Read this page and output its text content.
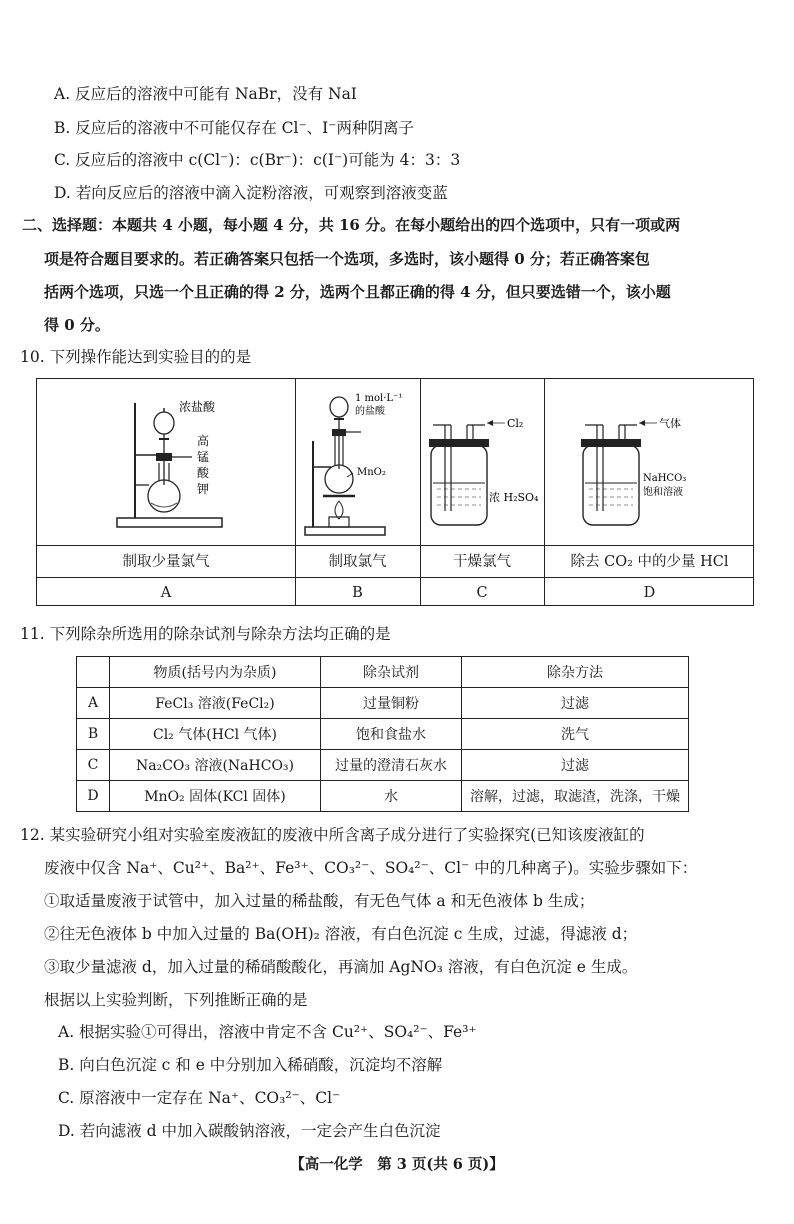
A. 反应后的溶液中可能有 NaBr，没有 NaI
B. 反应后的溶液中不可能仅存在 Cl⁻、I⁻两种阴离子
C. 反应后的溶液中 c(Cl⁻)：c(Br⁻)：c(I⁻)可能为 4：3：3
D. 若向反应后的溶液中滴入淀粉溶液，可观察到溶液变蓝
二、选择题：本题共 4 小题，每小题 4 分，共 16 分。在每小题给出的四个选项中，只有一项或两
项是符合题目要求的。若正确答案只包括一个选项，多选时，该小题得 0 分；若正确答案包
括两个选项，只选一个且正确的得 2 分，选两个且都正确的得 4 分，但只要选错一个，该小题
得 0 分。
10. 下列操作能达到实验目的的是
浓盐酸
高
锰
酸
钾
1 mol·L⁻¹
的盐酸
MnO₂
Cl₂
浓 H₂SO₄
气体
NaHCO₃
饱和溶液
制取少量氯气	制取氯气	干燥氯气	除去 CO₂ 中的少量 HCl
A	B	C	D
11. 下列除杂所选用的除杂试剂与除杂方法均正确的是
	物质(括号内为杂质)	除杂试剂	除杂方法
A	FeCl₃ 溶液(FeCl₂)	过量铜粉	过滤
B	Cl₂ 气体(HCl 气体)	饱和食盐水	洗气
C	Na₂CO₃ 溶液(NaHCO₃)	过量的澄清石灰水	过滤
D	MnO₂ 固体(KCl 固体)	水	溶解，过滤，取滤渣，洗涤，干燥
12. 某实验研究小组对实验室废液缸的废液中所含离子成分进行了实验探究(已知该废液缸的
废液中仅含 Na⁺、Cu²⁺、Ba²⁺、Fe³⁺、CO₃²⁻、SO₄²⁻、Cl⁻ 中的几种离子)。实验步骤如下：
①取适量废液于试管中，加入过量的稀盐酸，有无色气体 a 和无色液体 b 生成；
②往无色液体 b 中加入过量的 Ba(OH)₂ 溶液，有白色沉淀 c 生成，过滤，得滤液 d；
③取少量滤液 d，加入过量的稀硝酸酸化，再滴加 AgNO₃ 溶液，有白色沉淀 e 生成。
根据以上实验判断，下列推断正确的是
A. 根据实验①可得出，溶液中肯定不含 Cu²⁺、SO₄²⁻、Fe³⁺
B. 向白色沉淀 c 和 e 中分别加入稀硝酸，沉淀均不溶解
C. 原溶液中一定存在 Na⁺、CO₃²⁻、Cl⁻
D. 若向滤液 d 中加入碳酸钠溶液，一定会产生白色沉淀
【高一化学　第 3 页(共 6 页)】
